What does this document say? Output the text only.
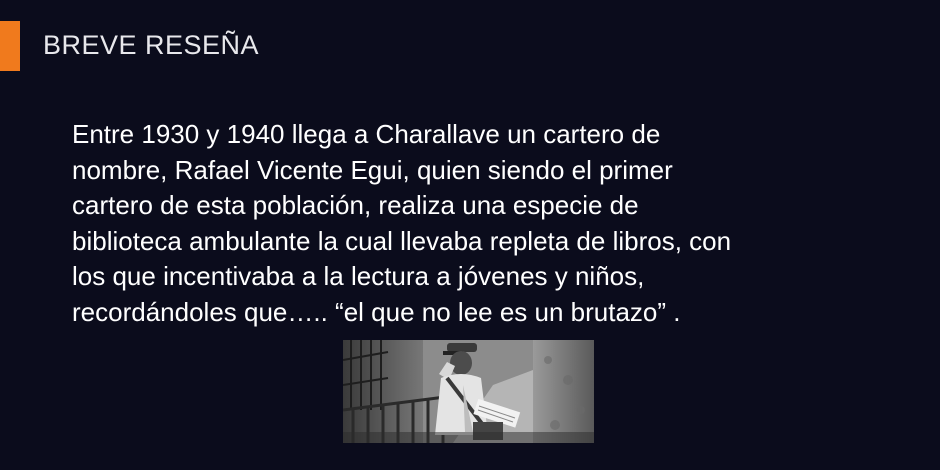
BREVE RESEÑA
Entre 1930 y 1940 llega a Charallave un cartero de
nombre, Rafael Vicente Egui, quien siendo el primer
cartero de esta población, realiza una especie de
biblioteca ambulante la cual llevaba repleta de libros, con
los que incentivaba a la lectura a jóvenes y niños,
recordándoles que….. “el que no lee es un brutazo” .
